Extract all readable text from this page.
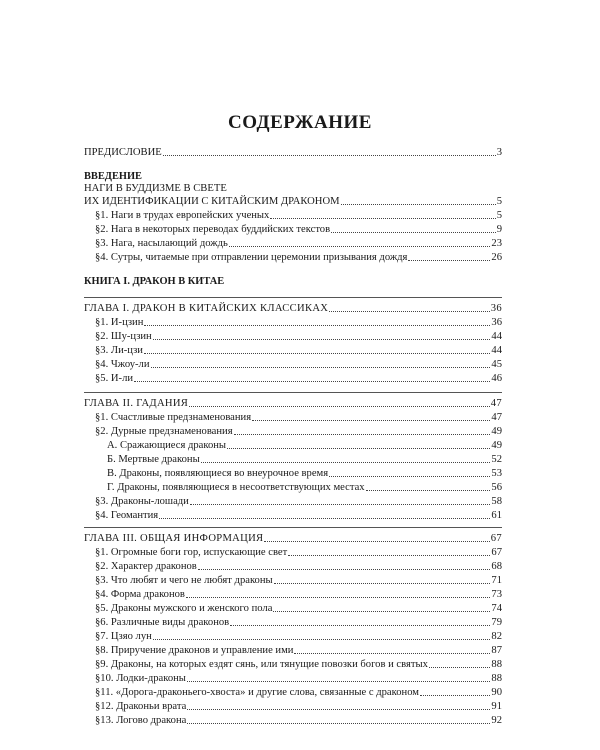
СОДЕРЖАНИЕ
ПРЕДИСЛОВИЕ	3
ВВЕДЕНИЕ
НАГИ В БУДДИЗМЕ В СВЕТЕ
ИХ ИДЕНТИФИКАЦИИ С КИТАЙСКИМ ДРАКОНОМ	5
§1. Наги в трудах европейских ученых	5
§2. Нага в некоторых переводах буддийских текстов	9
§3. Нага, насылающий дождь	23
§4. Сутры, читаемые при отправлении церемонии призывания дождя	26
КНИГА I. ДРАКОН В КИТАЕ
ГЛАВА I. ДРАКОН В КИТАЙСКИХ КЛАССИКАХ	36
§1. И-цзин	36
§2. Шу-цзин	44
§3. Ли-цзи	44
§4. Чжоу-ли	45
§5. И-ли	46
ГЛАВА II. ГАДАНИЯ	47
§1. Счастливые предзнаменования	47
§2. Дурные предзнаменования	49
А. Сражающиеся драконы	49
Б. Мертвые драконы	52
В. Драконы, появляющиеся во внеурочное время	53
Г. Драконы, появляющиеся в несоответствующих местах	56
§3. Драконы-лошади	58
§4. Геомантия	61
ГЛАВА III. ОБЩАЯ ИНФОРМАЦИЯ	67
§1. Огромные боги гор, испускающие свет	67
§2. Характер драконов	68
§3. Что любят и чего не любят драконы	71
§4. Форма драконов	73
§5. Драконы мужского и женского пола	74
§6. Различные виды драконов	79
§7. Цзяо лун	82
§8. Приручение драконов и управление ими	87
§9. Драконы, на которых ездят сянь, или тянущие повозки богов и святых	88
§10. Лодки-драконы	88
§11. «Дорога-драконьего-хвоста» и другие слова, связанные с драконом	90
§12. Драконьи врата	91
§13. Логово дракона	92
